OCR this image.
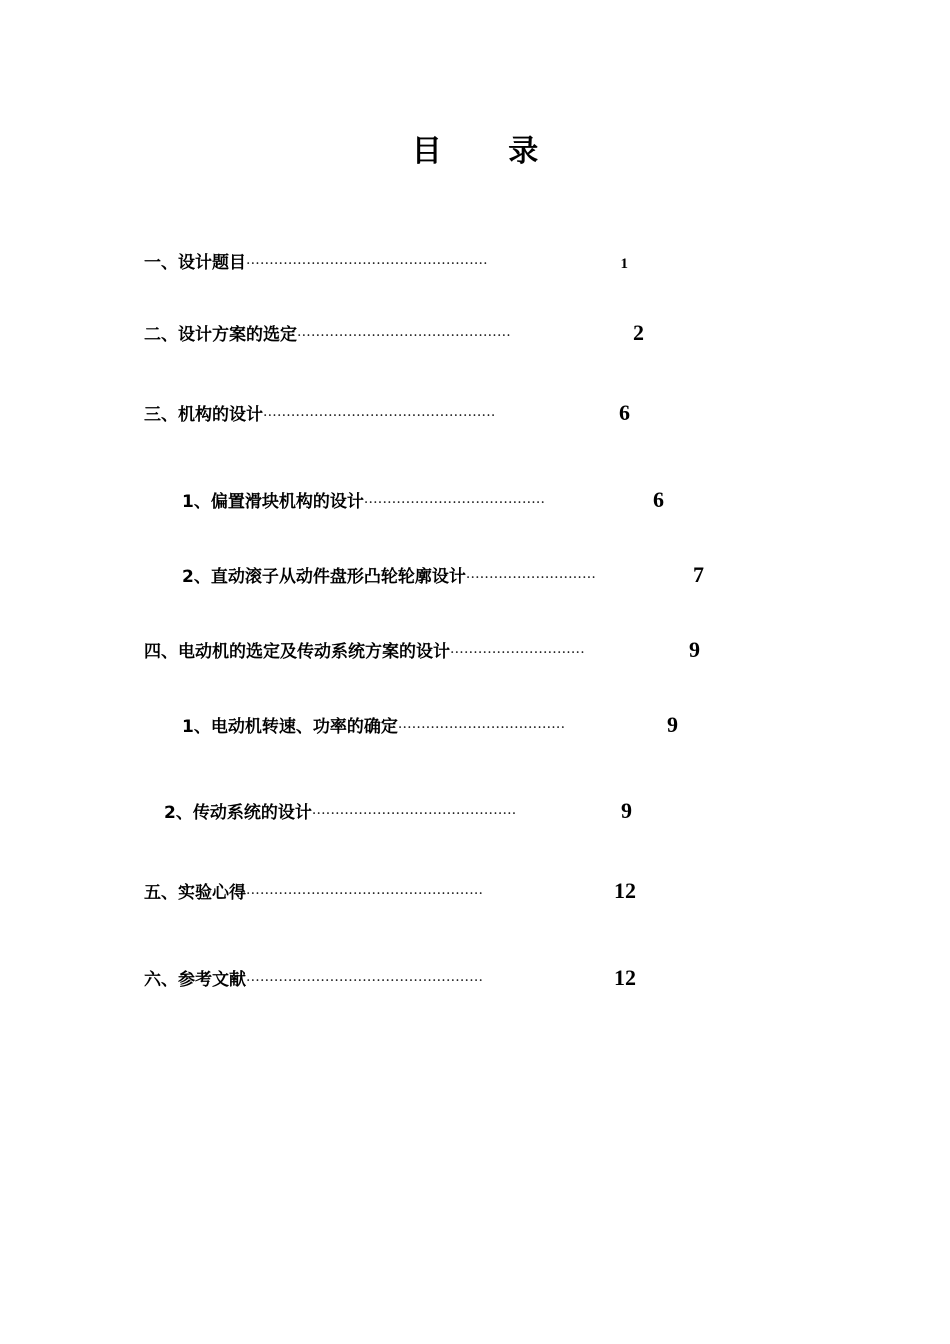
目 录
一、设计题目 ····················································	1
二、设计方案的选定 ··············································	2
三、机构的设计 ··················································	6
1、偏置滑块机构的设计 ·······································	6
2、直动滚子从动件盘形凸轮轮廓设计 ····························	7
四、电动机的选定及传动系统方案的设计 ·····························	9
1、电动机转速、功率的确定 ····································	9
2、传动系统的设计 ············································	9
五、实验心得 ···················································	12
六、参考文献 ···················································	12
